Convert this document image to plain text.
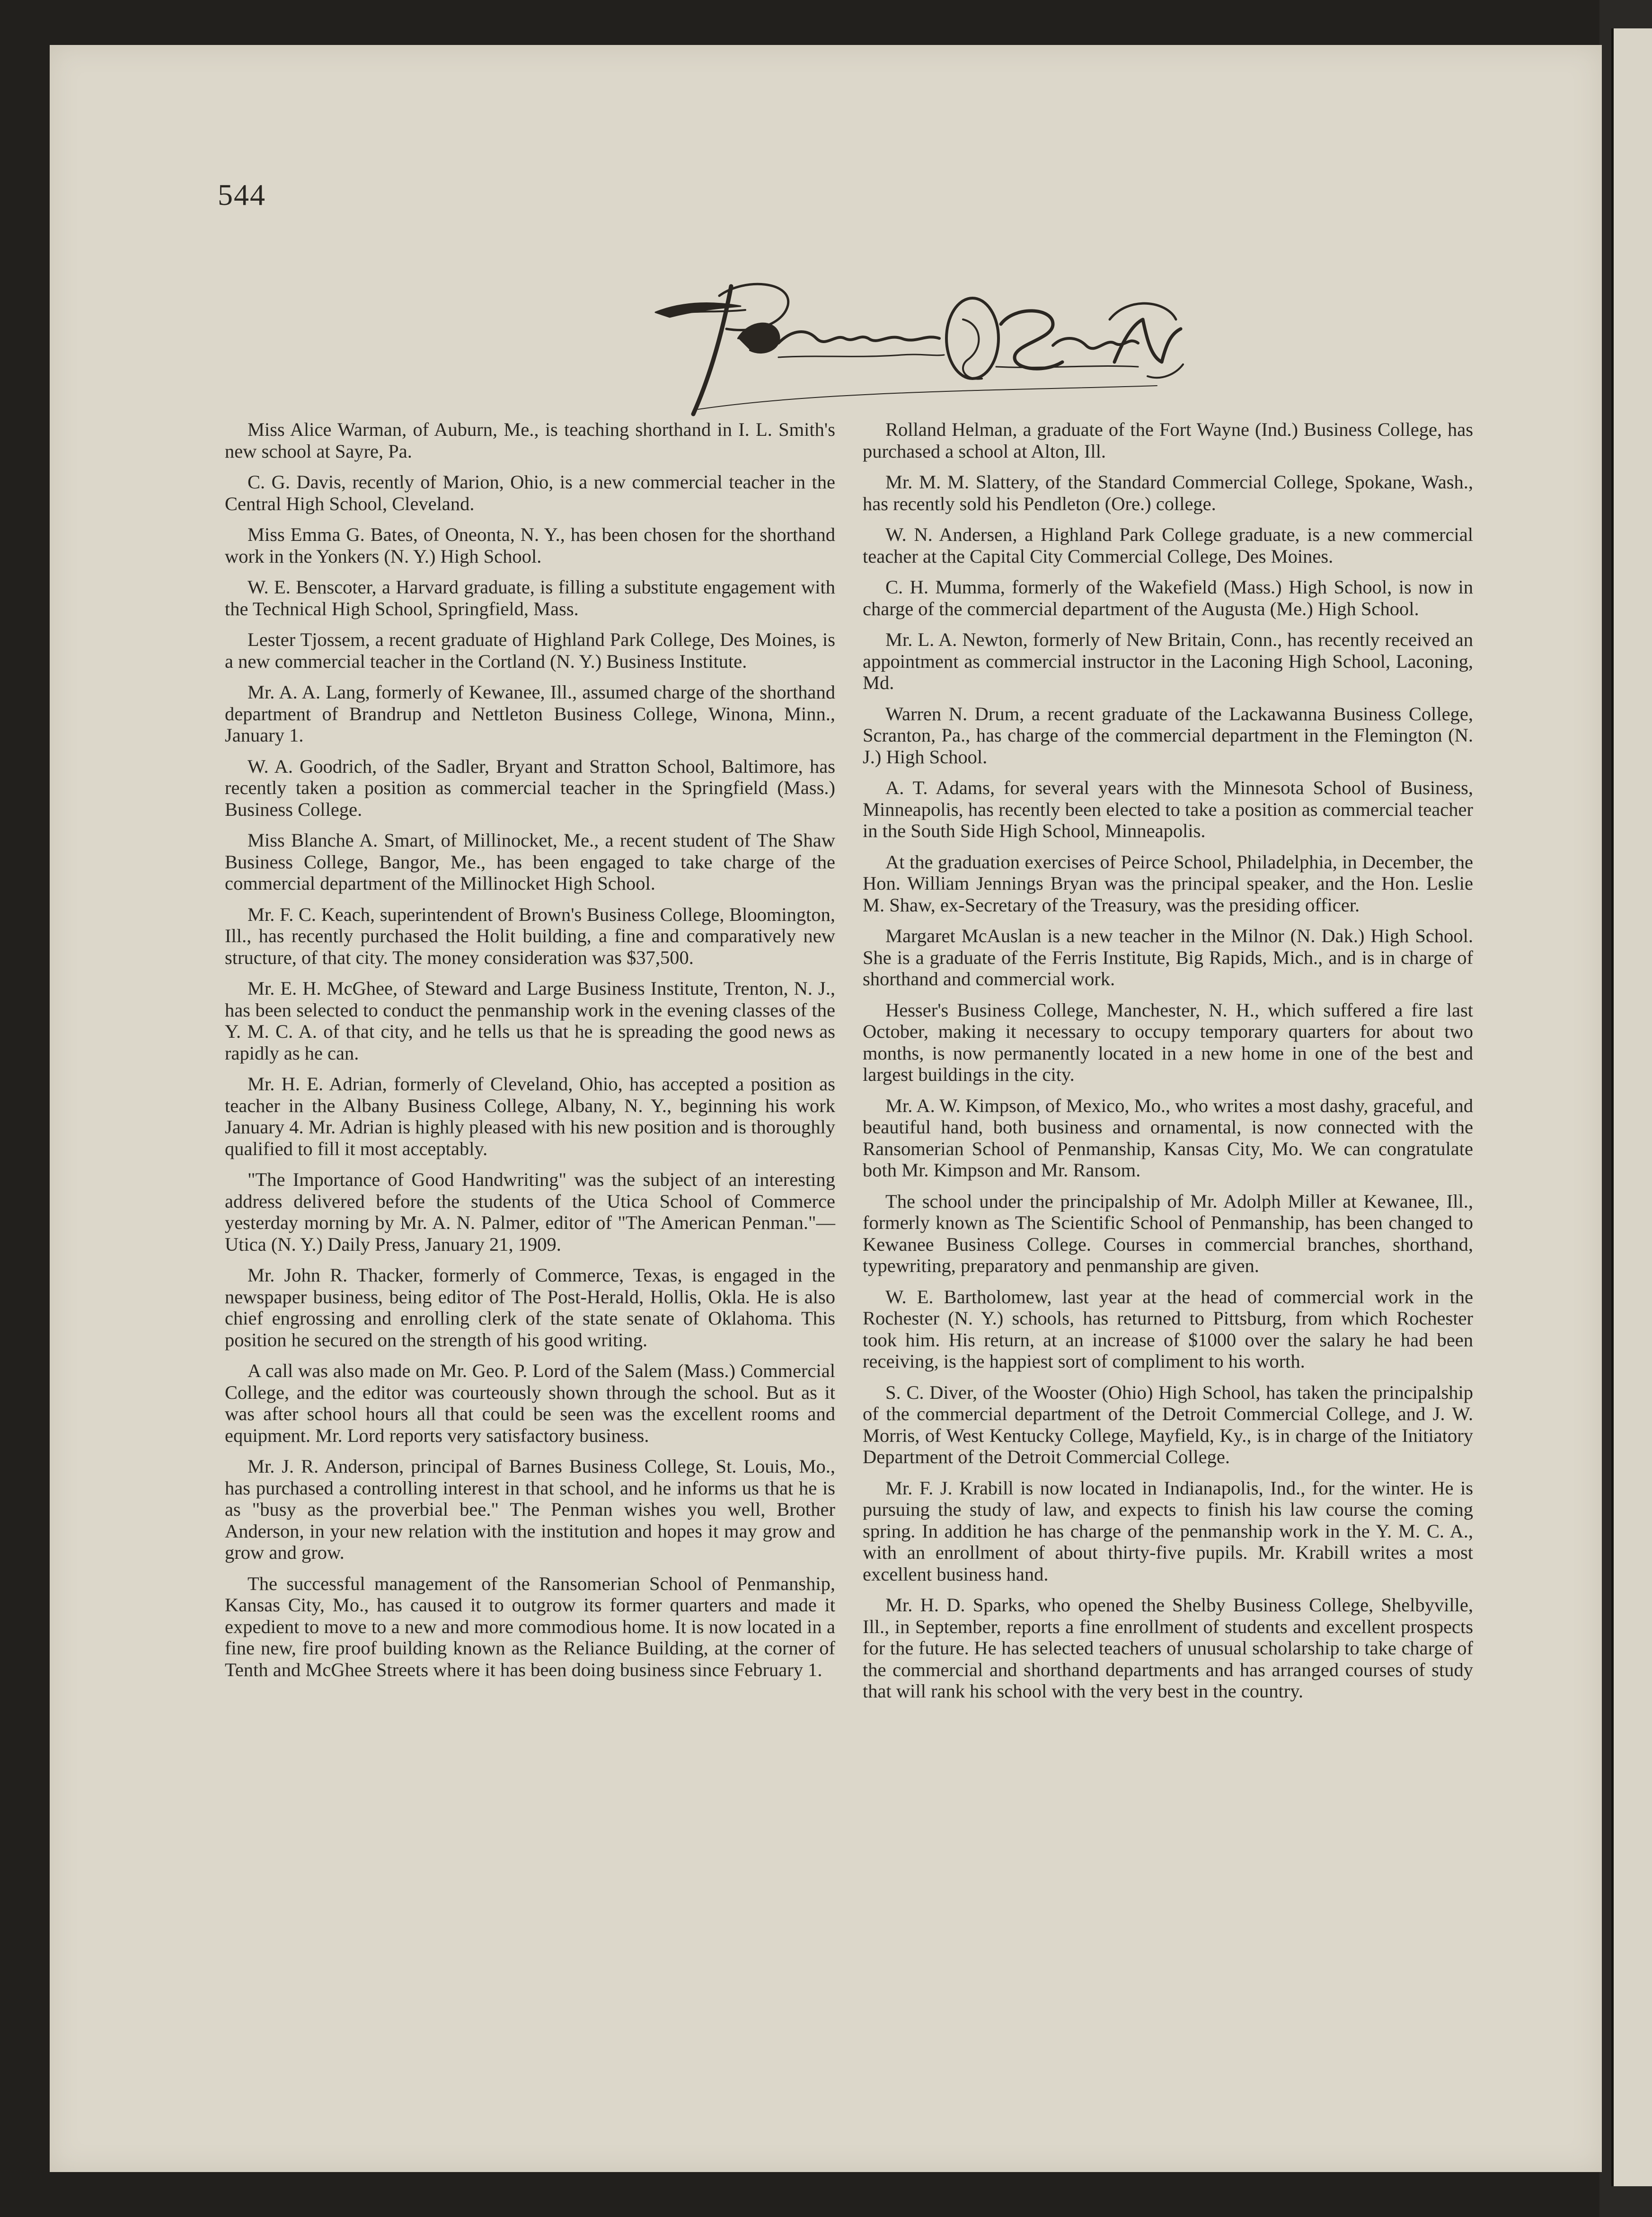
544

Miss Alice Warman, of Auburn, Me., is teaching shorthand in I. L. Smith's new school at Sayre, Pa.

C. G. Davis, recently of Marion, Ohio, is a new commercial teacher in the Central High School, Cleveland.

Miss Emma G. Bates, of Oneonta, N. Y., has been chosen for the shorthand work in the Yonkers (N. Y.) High School.

W. E. Benscoter, a Harvard graduate, is filling a substitute engagement with the Technical High School, Springfield, Mass.

Lester Tjossem, a recent graduate of Highland Park College, Des Moines, is a new commercial teacher in the Cortland (N. Y.) Business Institute.

Mr. A. A. Lang, formerly of Kewanee, Ill., assumed charge of the shorthand department of Brandrup and Nettleton Business College, Winona, Minn., January 1.

W. A. Goodrich, of the Sadler, Bryant and Stratton School, Baltimore, has recently taken a position as commercial teacher in the Springfield (Mass.) Business College.

Miss Blanche A. Smart, of Millinocket, Me., a recent student of The Shaw Business College, Bangor, Me., has been engaged to take charge of the commercial department of the Millinocket High School.

Mr. F. C. Keach, superintendent of Brown's Business College, Bloomington, Ill., has recently purchased the Holit building, a fine and comparatively new structure, of that city. The money consideration was $37,500.

Mr. E. H. McGhee, of Steward and Large Business Institute, Trenton, N. J., has been selected to conduct the penmanship work in the evening classes of the Y. M. C. A. of that city, and he tells us that he is spreading the good news as rapidly as he can.

Mr. H. E. Adrian, formerly of Cleveland, Ohio, has accepted a position as teacher in the Albany Business College, Albany, N. Y., beginning his work January 4. Mr. Adrian is highly pleased with his new position and is thoroughly qualified to fill it most acceptably.

"The Importance of Good Handwriting" was the subject of an interesting address delivered before the students of the Utica School of Commerce yesterday morning by Mr. A. N. Palmer, editor of "The American Penman."—Utica (N. Y.) Daily Press, January 21, 1909.

Mr. John R. Thacker, formerly of Commerce, Texas, is engaged in the newspaper business, being editor of The Post-Herald, Hollis, Okla. He is also chief engrossing and enrolling clerk of the state senate of Oklahoma. This position he secured on the strength of his good writing.

A call was also made on Mr. Geo. P. Lord of the Salem (Mass.) Commercial College, and the editor was courteously shown through the school. But as it was after school hours all that could be seen was the excellent rooms and equipment. Mr. Lord reports very satisfactory business.

Mr. J. R. Anderson, principal of Barnes Business College, St. Louis, Mo., has purchased a controlling interest in that school, and he informs us that he is as "busy as the proverbial bee." The Penman wishes you well, Brother Anderson, in your new relation with the institution and hopes it may grow and grow and grow.

The successful management of the Ransomerian School of Penmanship, Kansas City, Mo., has caused it to outgrow its former quarters and made it expedient to move to a new and more commodious home. It is now located in a fine new, fire proof building known as the Reliance Building, at the corner of Tenth and McGhee Streets where it has been doing business since February 1.

Rolland Helman, a graduate of the Fort Wayne (Ind.) Business College, has purchased a school at Alton, Ill.

Mr. M. M. Slattery, of the Standard Commercial College, Spokane, Wash., has recently sold his Pendleton (Ore.) college.

W. N. Andersen, a Highland Park College graduate, is a new commercial teacher at the Capital City Commercial College, Des Moines.

C. H. Mumma, formerly of the Wakefield (Mass.) High School, is now in charge of the commercial department of the Augusta (Me.) High School.

Mr. L. A. Newton, formerly of New Britain, Conn., has recently received an appointment as commercial instructor in the Laconing High School, Laconing, Md.

Warren N. Drum, a recent graduate of the Lackawanna Business College, Scranton, Pa., has charge of the commercial department in the Flemington (N. J.) High School.

A. T. Adams, for several years with the Minnesota School of Business, Minneapolis, has recently been elected to take a position as commercial teacher in the South Side High School, Minneapolis.

At the graduation exercises of Peirce School, Philadelphia, in December, the Hon. William Jennings Bryan was the principal speaker, and the Hon. Leslie M. Shaw, ex-Secretary of the Treasury, was the presiding officer.

Margaret McAuslan is a new teacher in the Milnor (N. Dak.) High School. She is a graduate of the Ferris Institute, Big Rapids, Mich., and is in charge of shorthand and commercial work.

Hesser's Business College, Manchester, N. H., which suffered a fire last October, making it necessary to occupy temporary quarters for about two months, is now permanently located in a new home in one of the best and largest buildings in the city.

Mr. A. W. Kimpson, of Mexico, Mo., who writes a most dashy, graceful, and beautiful hand, both business and ornamental, is now connected with the Ransomerian School of Penmanship, Kansas City, Mo. We can congratulate both Mr. Kimpson and Mr. Ransom.

The school under the principalship of Mr. Adolph Miller at Kewanee, Ill., formerly known as The Scientific School of Penmanship, has been changed to Kewanee Business College. Courses in commercial branches, shorthand, typewriting, preparatory and penmanship are given.

W. E. Bartholomew, last year at the head of commercial work in the Rochester (N. Y.) schools, has returned to Pittsburg, from which Rochester took him. His return, at an increase of $1000 over the salary he had been receiving, is the happiest sort of compliment to his worth.

S. C. Diver, of the Wooster (Ohio) High School, has taken the principalship of the commercial department of the Detroit Commercial College, and J. W. Morris, of West Kentucky College, Mayfield, Ky., is in charge of the Initiatory Department of the Detroit Commercial College.

Mr. F. J. Krabill is now located in Indianapolis, Ind., for the winter. He is pursuing the study of law, and expects to finish his law course the coming spring. In addition he has charge of the penmanship work in the Y. M. C. A., with an enrollment of about thirty-five pupils. Mr. Krabill writes a most excellent business hand.

Mr. H. D. Sparks, who opened the Shelby Business College, Shelbyville, Ill., in September, reports a fine enrollment of students and excellent prospects for the future. He has selected teachers of unusual scholarship to take charge of the commercial and shorthand departments and has arranged courses of study that will rank his school with the very best in the country.
